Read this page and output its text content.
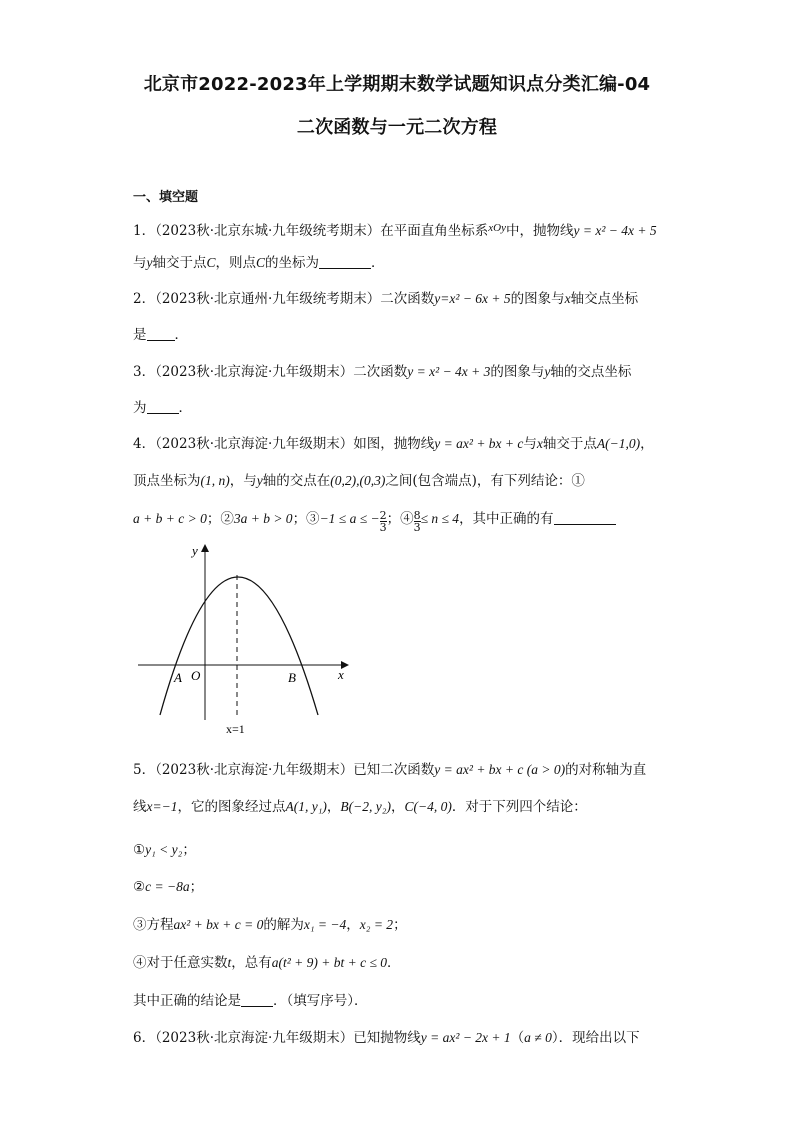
北京市2022-2023年上学期期末数学试题知识点分类汇编-04
二次函数与一元二次方程
一、填空题
1．（2023秋·北京东城·九年级统考期末）在平面直角坐标系$^{xOy}$中，抛物线y = x² − 4x + 5
与y轴交于点C，则点C的坐标为	．
2．（2023秋·北京通州·九年级统考期末）二次函数y=x² − 6x + 5的图象与x轴交点坐标
是 ．
3．（2023秋·北京海淀·九年级期末）二次函数y = x² − 4x + 3的图象与y轴的交点坐标
为 ．
4．（2023秋·北京海淀·九年级期末）如图，抛物线y = ax² + bx + c与x轴交于点A(−1,0)，
顶点坐标为(1, n)，与y轴的交点在(0,2),(0,3)之间(包含端点)，有下列结论：①
a + b + c > 0；②3a + b > 0；③−1 ≤ a ≤ − $\frac{2}{3}$ ；④ $\frac{8}{3} \le n \le 4$，其中正确的有
y
x
O
A	B
x=1
5．（2023秋·北京海淀·九年级期末）已知二次函数y = ax² + bx + c (a > 0)的对称轴为直
线x=−1，它的图象经过点A(1, y₁)，B(−2, y₂)，C(−4, 0)．对于下列四个结论：
①y₁ < y₂；
②c = −8a；
③方程ax² + bx + c = 0的解为x₁ = −4，x₂ = 2；
④对于任意实数t，总有a(t² + 9) + bt + c ≤ 0．
其中正确的结论是 ．（填写序号）．
6．（2023秋·北京海淀·九年级期末）已知抛物线y = ax² − 2x + 1（a ≠ 0）．现给出以下
